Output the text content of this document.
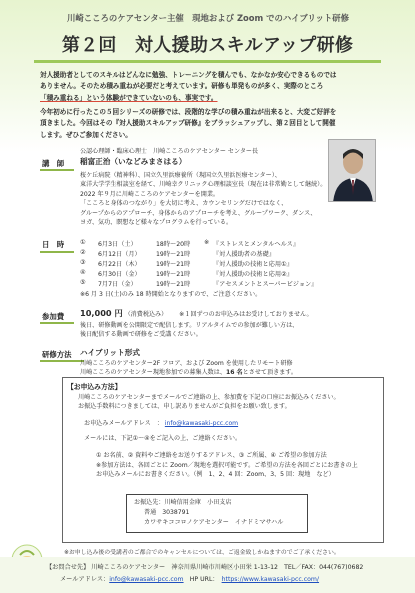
川崎こころのケアセンター主催　現地および Zoom でのハイブリット研修
第２回　対人援助スキルアップ研修
対人援助者としてのスキルはどんなに勉強、トレーニングを積んでも、なかなか安心できるものでは
ありません。そのため積み重ねが必要だと考えています。研修も単発ものが多く、実際のところ
「積み重ねる」という体験ができていないのも、事実です。
今年初めに行ったこの５回シリーズの研修では、段階的な学びの積み重ねが出来ると、大変ご好評を
頂きました。今回はその『対人援助スキルアップ研修』をブラッシュアップし、第２回目として開催
します。ぜひご参加ください。
講　師
公認心理師・臨床心理士　川崎こころのケアセンター センター長
稲富正治（いなどみまさはる）
桜ケ丘病院（精神科）、国立久里浜療養所（現国立久里浜医療センター）、
東洋大学学生相談室を経て、川崎幸クリニック心理相談室長（現在は非常勤として継続）。
2022 年９月に川崎こころのケアセンターを開業。
「こころと身体のつながり」を大切に考え、カウンセリングだけではなく、
グループからのアプローチ、身体からのアプローチを考え、グループワーク、ダンス、
ヨガ、気功、瞑想など様々なプログラムを行っている。
日　時	① 6月3日（土）	18時～20時 ※ 『ストレスとメンタルヘルス』
② 6月12日（月） 19時～21時	『対人援助者の基礎』
③ 6月22日（木） 19時～21時	『対人援助の技術と応用①』
④ 6月30日（金） 19時～21時	『対人援助の技術と応用②』
⑤ 7月7日（金）	19時～21時	『アセスメントとスーパービジョン』
※6 月 3 日(土)のみ 18 時開始となりますので、ご注意ください。
参加費 10,000 円 （消費税込み） ※１回ずつのお申込みはお受けしておりません。
後日、研修動画を公開限定で配信します。リアルタイムでの参加が難しい方は、
後日配信する動画で研修をご受講ください。
研修方法 ハイブリット形式
川崎こころのケアセンター2F フロア、および Zoom を使用したリモート研修
川崎こころのケアセンター現地参加での募集人数は、16 名とさせて頂きます。
【お申込み方法】
川崎こころのケアセンターまでメールでご連絡の上、参加費を下記の口座にお振込みください。
お振込手数料につきましては、申し訳ありませんがご負担をお願い致します。
お申込みメールアドレス　： info@kawasaki-pcc.com
メールには、下記①～④をご記入の上、ご連絡ください。
① お名前、② 資料やご連絡をお送りするアドレス、③ ご所属、④ ご希望の参加方法
※参加方法は、各回ごとに Zoom／現地を選択可能です。ご希望の方法を各回ごとにお書きの上
お申込みメールにお書きください。（例　1、2、4 回：Zoom、3、5 回：現地　など）
お振込先：川崎信用金庫　小田支店
普通　3038791
カワサキココロノケアセンター　イナドミマサハル
※お申し込み後の受講者のご都合でのキャンセルについては、ご返金致しかねますのでご了承ください。
【お問合せ先】 川崎こころのケアセンター　神奈川県川崎市川崎区小田栄 1-13-12　TEL／FAX：044(767)0682
メールアドレス：info@kawasaki-pcc.com　HP URL： https://www.kawasaki-pcc.com/
